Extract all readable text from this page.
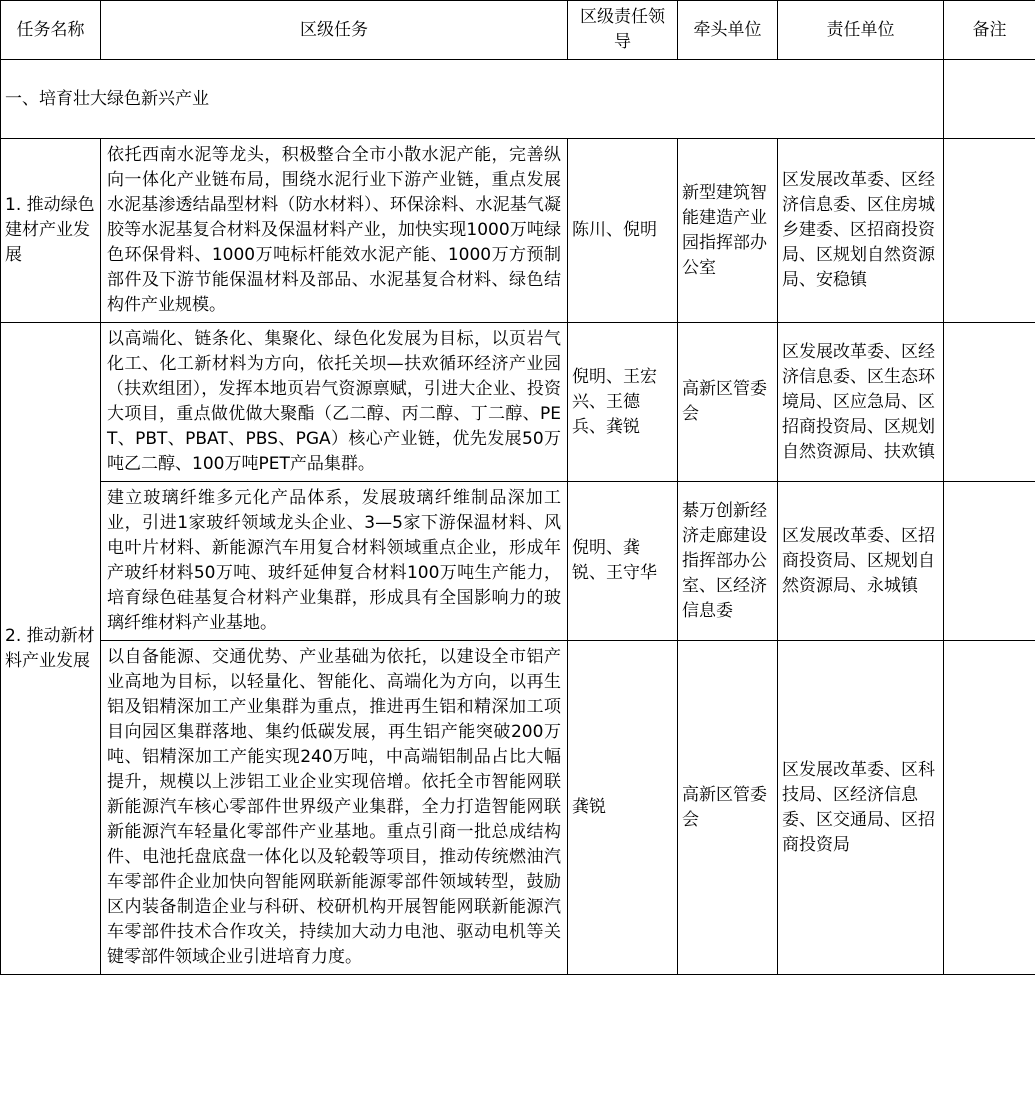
任务名称	区级任务	区级责任领导	牵头单位	责任单位	备注
一、培育壮大绿色新兴产业					
1. 推动绿色建材产业发展	依托西南水泥等龙头，积极整合全市小散水泥产能，完善纵向一体化产业链布局，围绕水泥行业下游产业链，重点发展水泥基渗透结晶型材料（防水材料）、环保涂料、水泥基气凝胶等水泥基复合材料及保温材料产业，加快实现1000万吨绿色环保骨料、1000万吨标杆能效水泥产能、1000万方预制部件及下游节能保温材料及部品、水泥基复合材料、绿色结构件产业规模。	陈川、倪明	新型建筑智能建造产业园指挥部办公室	区发展改革委、区经济信息委、区住房城乡建委、区招商投资局、区规划自然资源局、安稳镇	
2. 推动新材料产业发展	以高端化、链条化、集聚化、绿色化发展为目标，以页岩气化工、化工新材料为方向，依托关坝—扶欢循环经济产业园（扶欢组团），发挥本地页岩气资源禀赋，引进大企业、投资大项目，重点做优做大聚酯（乙二醇、丙二醇、丁二醇、PET、PBT、PBAT、PBS、PGA）核心产业链，优先发展50万吨乙二醇、100万吨PET产品集群。	倪明、王宏兴、王德兵、龚锐	高新区管委会	区发展改革委、区经济信息委、区生态环境局、区应急局、区招商投资局、区规划自然资源局、扶欢镇	
	建立玻璃纤维多元化产品体系，发展玻璃纤维制品深加工业，引进1家玻纤领域龙头企业、3—5家下游保温材料、风电叶片材料、新能源汽车用复合材料领域重点企业，形成年产玻纤材料50万吨、玻纤延伸复合材料100万吨生产能力，培育绿色硅基复合材料产业集群，形成具有全国影响力的玻璃纤维材料产业基地。	倪明、龚锐、王守华	綦万创新经济走廊建设指挥部办公室、区经济信息委	区发展改革委、区招商投资局、区规划自然资源局、永城镇	
	以自备能源、交通优势、产业基础为依托，以建设全市铝产业高地为目标，以轻量化、智能化、高端化为方向，以再生铝及铝精深加工产业集群为重点，推进再生铝和精深加工项目向园区集群落地、集约低碳发展，再生铝产能突破200万吨、铝精深加工产能实现240万吨，中高端铝制品占比大幅提升，规模以上涉铝工业企业实现倍增。依托全市智能网联新能源汽车核心零部件世界级产业集群，全力打造智能网联新能源汽车轻量化零部件产业基地。重点引商一批总成结构件、电池托盘底盘一体化以及轮毂等项目，推动传统燃油汽车零部件企业加快向智能网联新能源零部件领域转型，鼓励区内装备制造企业与科研、校研机构开展智能网联新能源汽车零部件技术合作攻关，持续加大动力电池、驱动电机等关键零部件领域企业引进培育力度。	龚锐	高新区管委会	区发展改革委、区科技局、区经济信息委、区交通局、区招商投资局	
